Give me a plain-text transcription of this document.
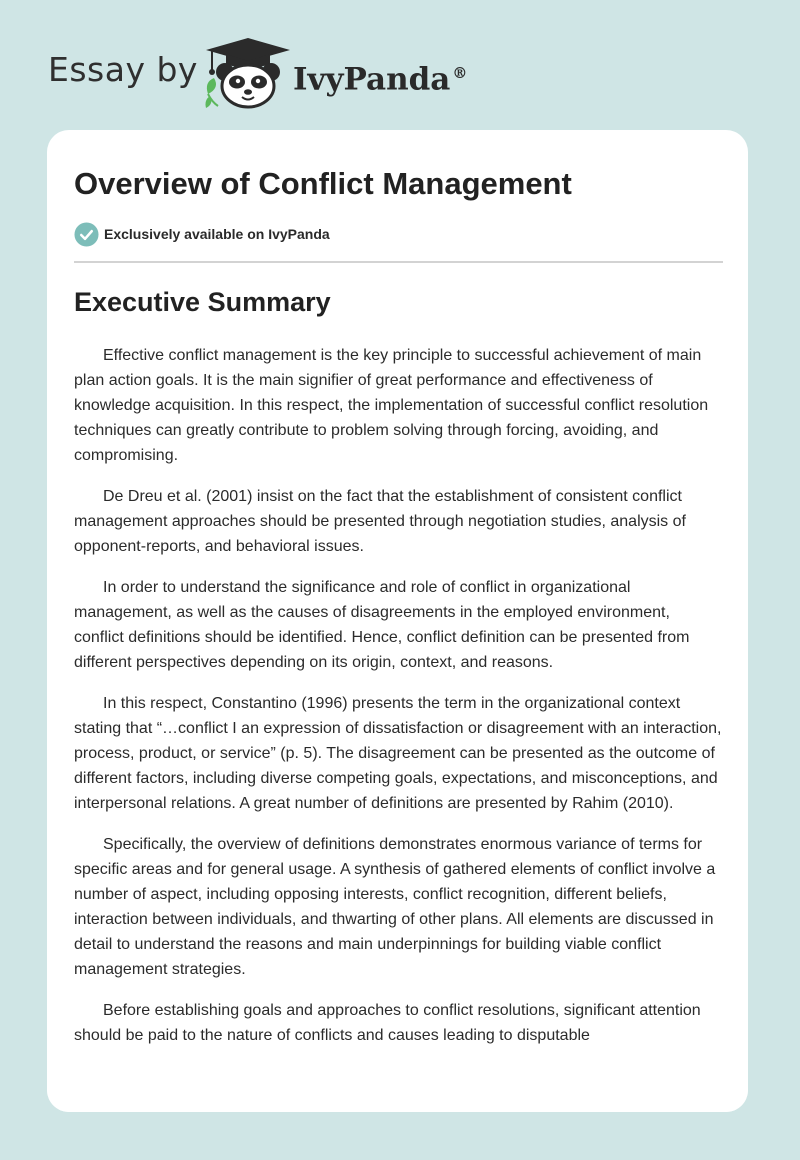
Essay by	IvyPanda ®
Overview of Conflict Management
Exclusively available on IvyPanda
Executive Summary

Effective conflict management is the key principle to successful achievement of main plan action goals. It is the main signifier of great performance and effectiveness of knowledge acquisition. In this respect, the implementation of successful conflict resolution techniques can greatly contribute to problem solving through forcing, avoiding, and compromising.

De Dreu et al. (2001) insist on the fact that the establishment of consistent conflict management approaches should be presented through negotiation studies, analysis of opponent-reports, and behavioral issues.

In order to understand the significance and role of conflict in organizational management, as well as the causes of disagreements in the employed environment, conflict definitions should be identified. Hence, conflict definition can be presented from different perspectives depending on its origin, context, and reasons.

In this respect, Constantino (1996) presents the term in the organizational context stating that “…conflict I an expression of dissatisfaction or disagreement with an interaction, process, product, or service” (p. 5). The disagreement can be presented as the outcome of different factors, including diverse competing goals, expectations, and misconceptions, and interpersonal relations. A great number of definitions are presented by Rahim (2010).

Specifically, the overview of definitions demonstrates enormous variance of terms for specific areas and for general usage. A synthesis of gathered elements of conflict involve a number of aspect, including opposing interests, conflict recognition, different beliefs, interaction between individuals, and thwarting of other plans. All elements are discussed in detail to understand the reasons and main underpinnings for building viable conflict management strategies.

Before establishing goals and approaches to conflict resolutions, significant attention should be paid to the nature of conflicts and causes leading to disputable
